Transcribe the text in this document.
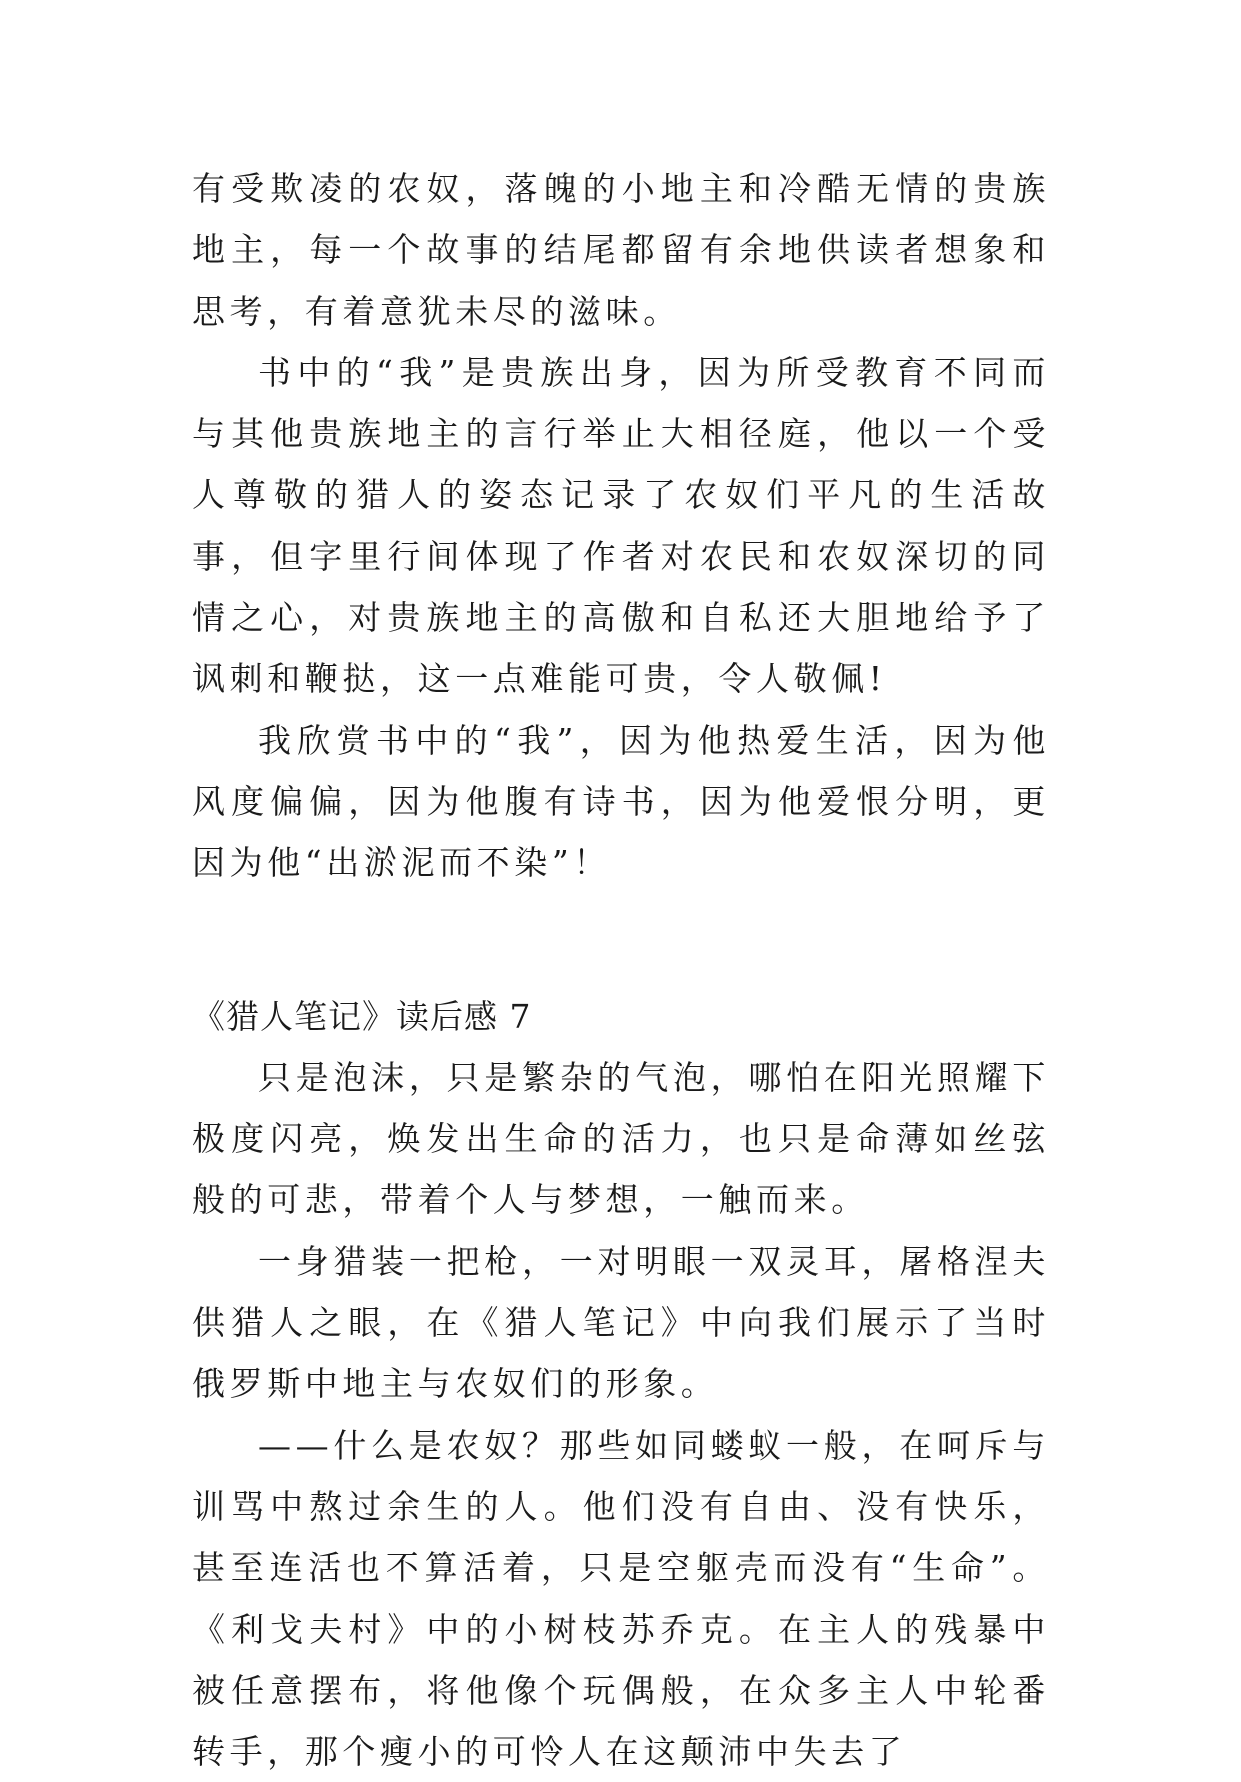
有受欺凌的农奴，落魄的小地主和冷酷无情的贵族地主，每一个故事的结尾都留有余地供读者想象和思考，有着意犹未尽的滋味。

书中的“我”是贵族出身，因为所受教育不同而与其他贵族地主的言行举止大相径庭，他以一个受人尊敬的猎人的姿态记录了农奴们平凡的生活故事，但字里行间体现了作者对农民和农奴深切的同情之心，对贵族地主的高傲和自私还大胆地给予了讽刺和鞭挞，这一点难能可贵，令人敬佩!

我欣赏书中的“我”，因为他热爱生活，因为他风度偏偏，因为他腹有诗书，因为他爱恨分明，更因为他“出淤泥而不染”！

《猎人笔记》读后感 7

只是泡沫，只是繁杂的气泡，哪怕在阳光照耀下极度闪亮，焕发出生命的活力，也只是命薄如丝弦般的可悲，带着个人与梦想，一触而来。

一身猎装一把枪，一对明眼一双灵耳，屠格涅夫供猎人之眼，在《猎人笔记》中向我们展示了当时俄罗斯中地主与农奴们的形象。

——什么是农奴？那些如同蝼蚁一般，在呵斥与训骂中熬过余生的人。他们没有自由、没有快乐，甚至连活也不算活着，只是空躯壳而没有“生命”。《利戈夫村》中的小树枝苏乔克。在主人的残暴中被任意摆布，将他像个玩偶般，在众多主人中轮番转手，那个瘦小的可怜人在这颠沛中失去了
